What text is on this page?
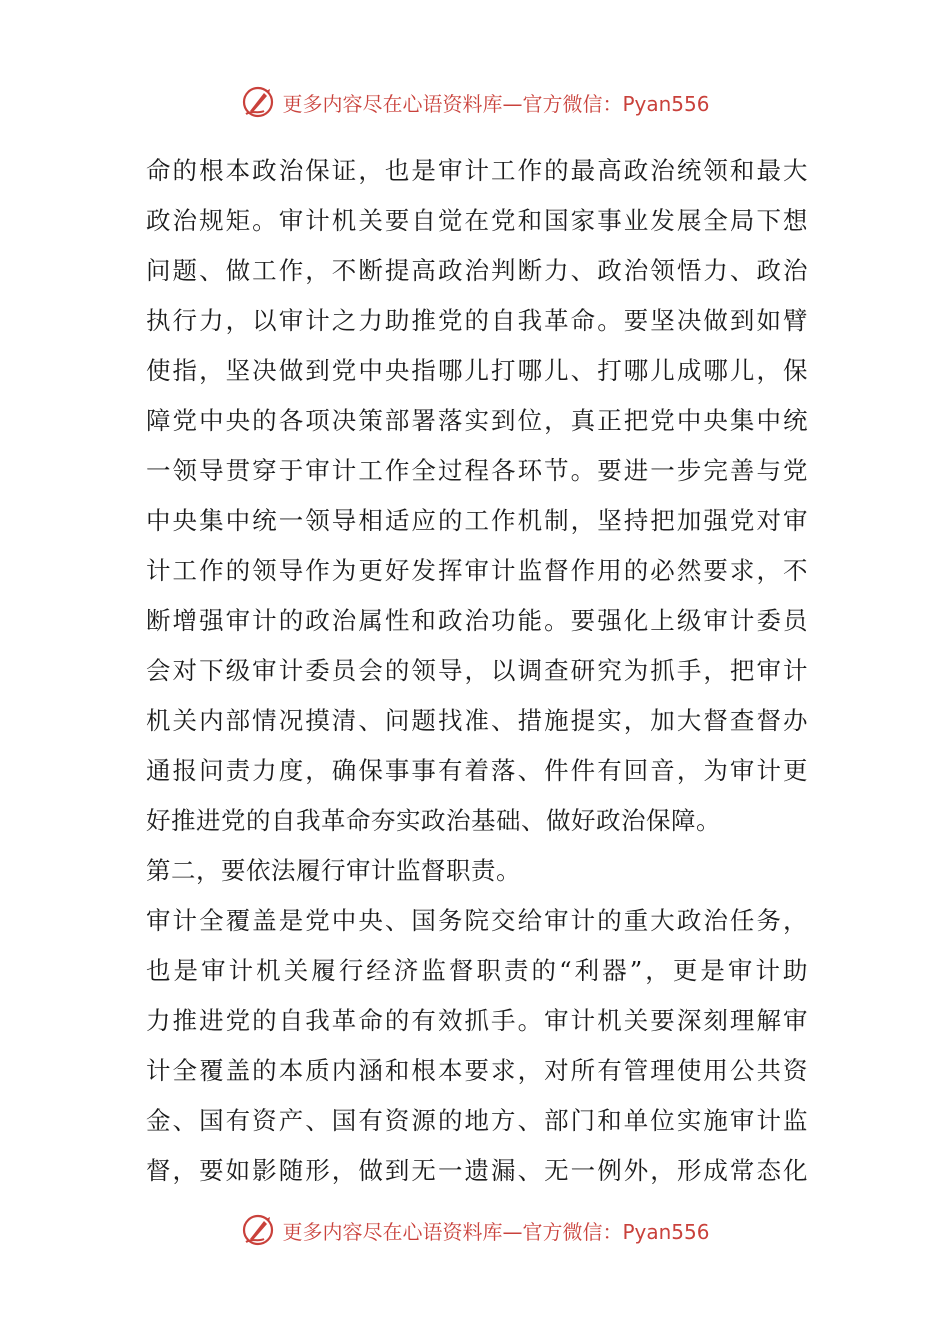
更多内容尽在心语资料库—官方微信：Pyan556
命的根本政治保证，也是审计工作的最高政治统领和最大
政治规矩。审计机关要自觉在党和国家事业发展全局下想
问题、做工作，不断提高政治判断力、政治领悟力、政治
执行力，以审计之力助推党的自我革命。要坚决做到如臂
使指，坚决做到党中央指哪儿打哪儿、打哪儿成哪儿，保
障党中央的各项决策部署落实到位，真正把党中央集中统
一领导贯穿于审计工作全过程各环节。要进一步完善与党
中央集中统一领导相适应的工作机制，坚持把加强党对审
计工作的领导作为更好发挥审计监督作用的必然要求，不
断增强审计的政治属性和政治功能。要强化上级审计委员
会对下级审计委员会的领导，以调查研究为抓手，把审计
机关内部情况摸清、问题找准、措施提实，加大督查督办
通报问责力度，确保事事有着落、件件有回音，为审计更
好推进党的自我革命夯实政治基础、做好政治保障。
第二，要依法履行审计监督职责。
审计全覆盖是党中央、国务院交给审计的重大政治任务，
也是审计机关履行经济监督职责的“利器”，更是审计助
力推进党的自我革命的有效抓手。审计机关要深刻理解审
计全覆盖的本质内涵和根本要求，对所有管理使用公共资
金、国有资产、国有资源的地方、部门和单位实施审计监
督，要如影随形，做到无一遗漏、无一例外，形成常态化
更多内容尽在心语资料库—官方微信：Pyan556
